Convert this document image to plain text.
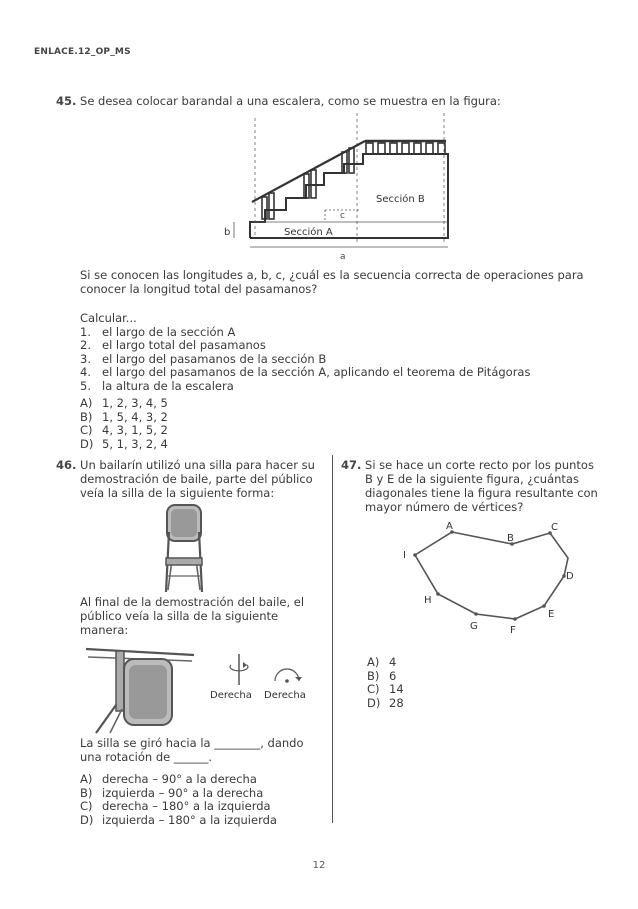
ENLACE.12_OP_MS
45. Se desea colocar barandal a una escalera, como se muestra en la figura:
c
Sección B
Sección A
b
a
Si se conocen las longitudes a, b, c, ¿cuál es la secuencia correcta de operaciones para
conocer la longitud total del pasamanos?
Calcular...
1. el largo de la sección A
2. el largo total del pasamanos
3. el largo del pasamanos de la sección B
4. el largo del pasamanos de la sección A, aplicando el teorema de Pitágoras
5. la altura de la escalera
A) 1, 2, 3, 4, 5
B) 1, 5, 4, 3, 2
C) 4, 3, 1, 5, 2
D) 5, 1, 3, 2, 4
46. Un bailarín utilizó una silla para hacer su
demostración de baile, parte del público
veía la silla de la siguiente forma:
Al final de la demostración del baile, el
público veía la silla de la siguiente
manera:
Derecha Derecha
La silla se giró hacia la ________, dando
una rotación de ______.
A) derecha – 90° a la derecha
B) izquierda – 90° a la derecha
C) derecha – 180° a la izquierda
D) izquierda – 180° a la izquierda
47. Si se hace un corte recto por los puntos
B y E de la siguiente figura, ¿cuántas
diagonales tiene la figura resultante con
mayor número de vértices?
A
B
C
D
E
F
G
H
I
A) 4
B) 6
C) 14
D) 28
12
